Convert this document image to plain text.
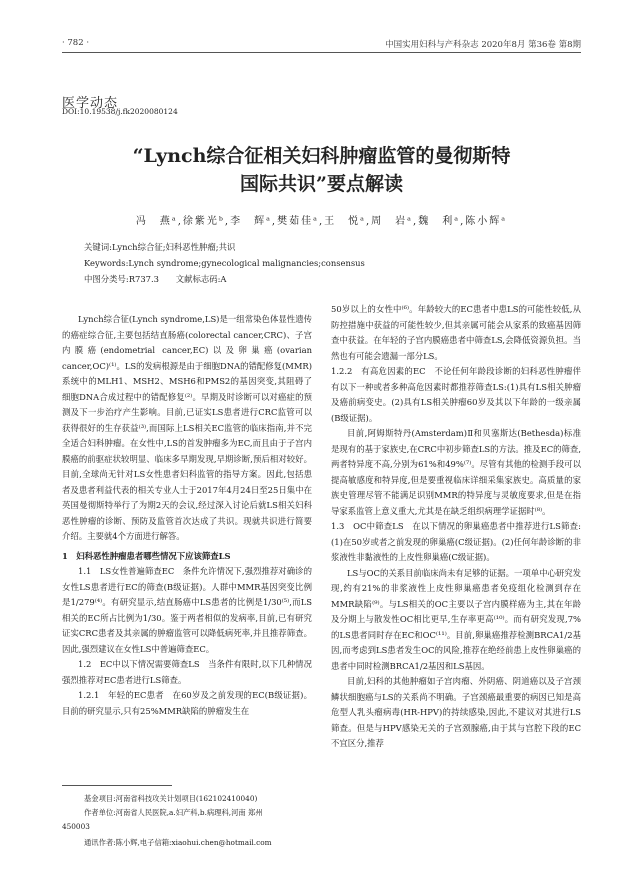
· 782 ·	中国实用妇科与产科杂志 2020年8月 第36卷 第8期
医学动态
DOI:10.19538/j.fk2020080124
“Lynch综合征相关妇科肿瘤监管的曼彻斯特
国际共识”要点解读
冯　燕ᵃ,徐紫光ᵇ,李　辉ᵃ,樊茹佳ᵃ,王　悦ᵃ,周　岩ᵃ,魏　利ᵃ,陈小辉ᵃ
关键词:Lynch综合征;妇科恶性肿瘤;共识
Keywords:Lynch syndrome;gynecological malignancies;consensus
中图分类号:R737.3　　文献标志码:A

Lynch综合征(Lynch syndrome,LS)是一组常染色体显性遗传的癌症综合征,主要包括结直肠癌(colorectal cancer,CRC)、子宫内膜癌(endometrial cancer,EC)以及卵巢癌(ovarian cancer,OC)⁽¹⁾。LS的发病根源是由于细胞DNA的错配修复(MMR)系统中的MLH1、MSH2、MSH6和PMS2的基因突变,其阻碍了细胞DNA合成过程中的错配修复⁽²⁾。早期及时诊断可以对癌症的预测及下一步治疗产生影响。目前,已证实LS患者进行CRC监管可以获得很好的生存获益⁽³⁾,而国际上LS相关EC监管的临床指南,并不完全适合妇科肿瘤。在女性中,LS的首发肿瘤多为EC,而且由于子宫内膜癌的前驱症状较明显、临床多早期发现,早期诊断,预后相对较好。目前,全球尚无针对LS女性患者妇科监管的指导方案。因此,包括患者及患者利益代表的相关专业人士于2017年4月24日至25日集中在英国曼彻斯特举行了为期2天的会议,经过深入讨论后就LS相关妇科恶性肿瘤的诊断、预防及监管首次达成了共识。现就共识进行简要介绍。主要就4个方面进行解答。

1　妇科恶性肿瘤患者哪些情况下应该筛查LS

1.1　LS女性普遍筛查EC　条件允许情况下,强烈推荐对确诊的女性LS患者进行EC的筛查(B级证据)。人群中MMR基因突变比例是1/279⁽⁴⁾。有研究显示,结直肠癌中LS患者的比例是1/30⁽⁵⁾,而LS相关的EC所占比例为1/30。鉴于两者相似的发病率,目前,已有研究证实CRC患者及其亲属的肿瘤监管可以降低病死率,并且推荐筛查。因此,强烈建议在女性LS中普遍筛查EC。

1.2　EC中以下情况需要筛查LS　当条件有限时,以下几种情况强烈推荐对EC患者进行LS筛查。

1.2.1　年轻的EC患者　在60岁及之前发现的EC(B级证据)。目前的研究显示,只有25%MMR缺陷的肿瘤发生在

50岁以上的女性中⁽⁶⁾。年龄较大的EC患者中患LS的可能性较低,从防控措施中获益的可能性较少,但其亲属可能会从家系的致癌基因筛查中获益。在年轻的子宫内膜癌患者中筛查LS,会降低资源负担。当然也有可能会遗漏一部分LS。

1.2.2　有高危因素的EC　不论任何年龄段诊断的妇科恶性肿瘤伴有以下一种或者多种高危因素时都推荐筛查LS:(1)具有LS相关肿瘤及癌前病变史。(2)具有LS相关肿瘤60岁及其以下年龄的一级亲属(B级证据)。

目前,阿姆斯特丹(Amsterdam)Ⅱ和贝塞斯达(Bethesda)标准是现有的基于家族史,在CRC中初步筛查LS的方法。推及EC的筛查,两者特异度不高,分别为61%和49%⁽⁷⁾。尽管有其他的检测手段可以提高敏感度和特异度,但是要重视临床详细采集家族史。高质量的家族史管理尽管不能满足识别MMR的特异度与灵敏度要求,但是在指导家系监管上意义重大,尤其是在缺乏组织病理学证据时⁽⁸⁾。

1.3　OC中筛查LS　在以下情况的卵巢癌患者中推荐进行LS筛查:(1)在50岁或者之前发现的卵巢癌(C级证据)。(2)任何年龄诊断的非浆液性非黏液性的上皮性卵巢癌(C级证据)。

LS与OC的关系目前临床尚未有足够的证据。一项单中心研究发现,约有21%的非浆液性上皮性卵巢癌患者免疫组化检测到存在MMR缺陷⁽⁹⁾。与LS相关的OC主要以子宫内膜样癌为主,其在年龄及分期上与散发性OC相比更早,生存率更高⁽¹⁰⁾。而有研究发现,7%的LS患者同时存在EC和OC⁽¹¹⁾。目前,卵巢癌推荐检测BRCA1/2基因,而考虑到LS患者发生OC的风险,推荐在绝经前患上皮性卵巢癌的患者中同时检测BRCA1/2基因和LS基因。

目前,妇科的其他肿瘤如子宫肉瘤、外阴癌、阴道癌以及子宫颈鳞状细胞癌与LS的关系尚不明确。子宫颈癌最重要的病因已知是高危型人乳头瘤病毒(HR-HPV)的持续感染,因此,不建议对其进行LS筛查。但是与HPV感染无关的子宫颈腺癌,由于其与宫腔下段的EC不宜区分,推荐

基金项目:河南省科技攻关计划项目(162102410040)
作者单位:河南省人民医院,a.妇产科,b.病理科,河南 郑州
450003
通讯作者:陈小辉,电子信箱:xiaohui.chen@hotmail.com
